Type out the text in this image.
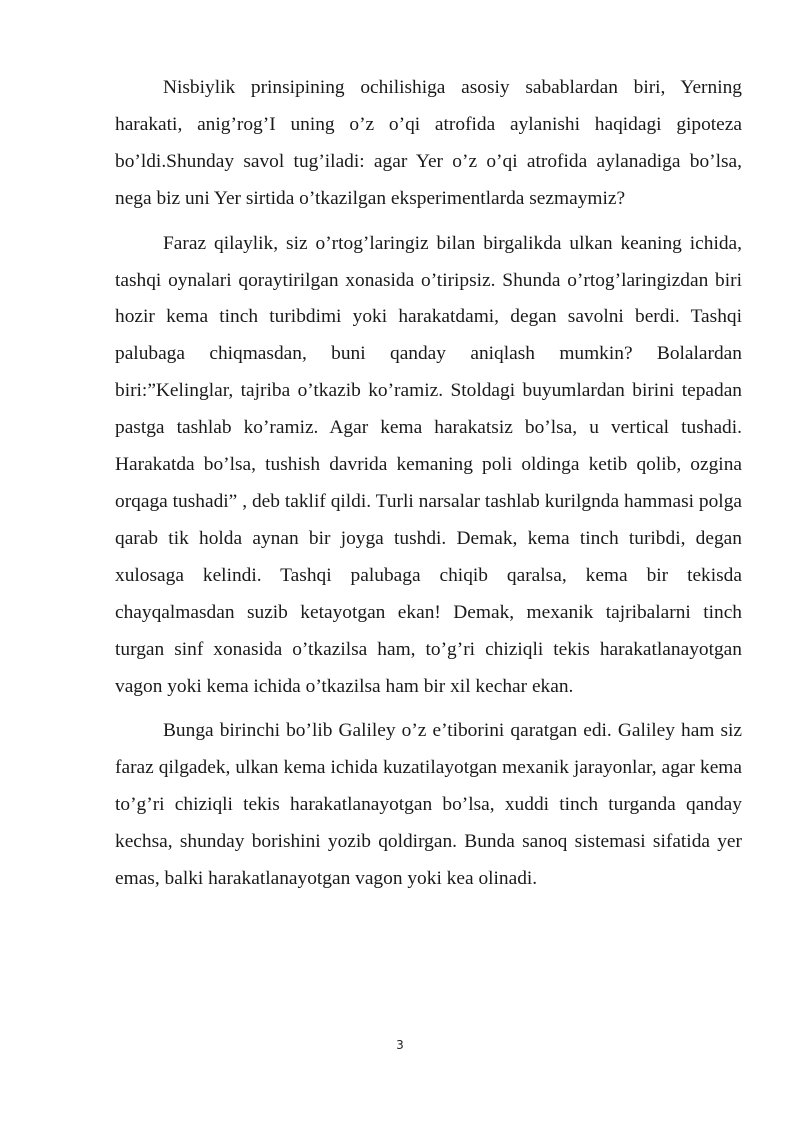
Nisbiylik prinsipining ochilishiga asosiy sabablardan biri, Yerning harakati, anig’rog’I uning o’z o’qi atrofida aylanishi haqidagi gipoteza bo’ldi.Shunday savol tug’iladi: agar Yer o’z o’qi atrofida aylanadiga bo’lsa, nega biz uni Yer sirtida o’tkazilgan eksperimentlarda sezmaymiz?

Faraz qilaylik, siz o’rtog’laringiz bilan birgalikda ulkan keaning ichida, tashqi oynalari qoraytirilgan xonasida o’tiripsiz. Shunda o’rtog’laringizdan biri hozir kema tinch turibdimi yoki harakatdami, degan savolni berdi. Tashqi palubaga chiqmasdan, buni qanday aniqlash mumkin? Bolalardan biri:”Kelinglar, tajriba o’tkazib ko’ramiz. Stoldagi buyumlardan birini tepadan pastga tashlab ko’ramiz. Agar kema harakatsiz bo’lsa, u vertical tushadi. Harakatda bo’lsa, tushish davrida kemaning poli oldinga ketib qolib, ozgina orqaga tushadi” , deb taklif qildi. Turli narsalar tashlab kurilgnda hammasi polga qarab tik holda aynan bir joyga tushdi. Demak, kema tinch turibdi, degan xulosaga kelindi. Tashqi palubaga chiqib qaralsa, kema bir tekisda chayqalmasdan suzib ketayotgan ekan! Demak, mexanik tajribalarni tinch turgan sinf xonasida o’tkazilsa ham, to’g’ri chiziqli tekis harakatlanayotgan vagon yoki kema ichida o’tkazilsa ham bir xil kechar ekan.

Bunga birinchi bo’lib Galiley o’z e’tiborini qaratgan edi. Galiley ham siz faraz qilgadek, ulkan kema ichida kuzatilayotgan mexanik jarayonlar, agar kema to’g’ri chiziqli tekis harakatlanayotgan bo’lsa, xuddi tinch turganda qanday kechsa, shunday borishini yozib qoldirgan. Bunda sanoq sistemasi sifatida yer emas, balki harakatlanayotgan vagon yoki kea olinadi.

3
